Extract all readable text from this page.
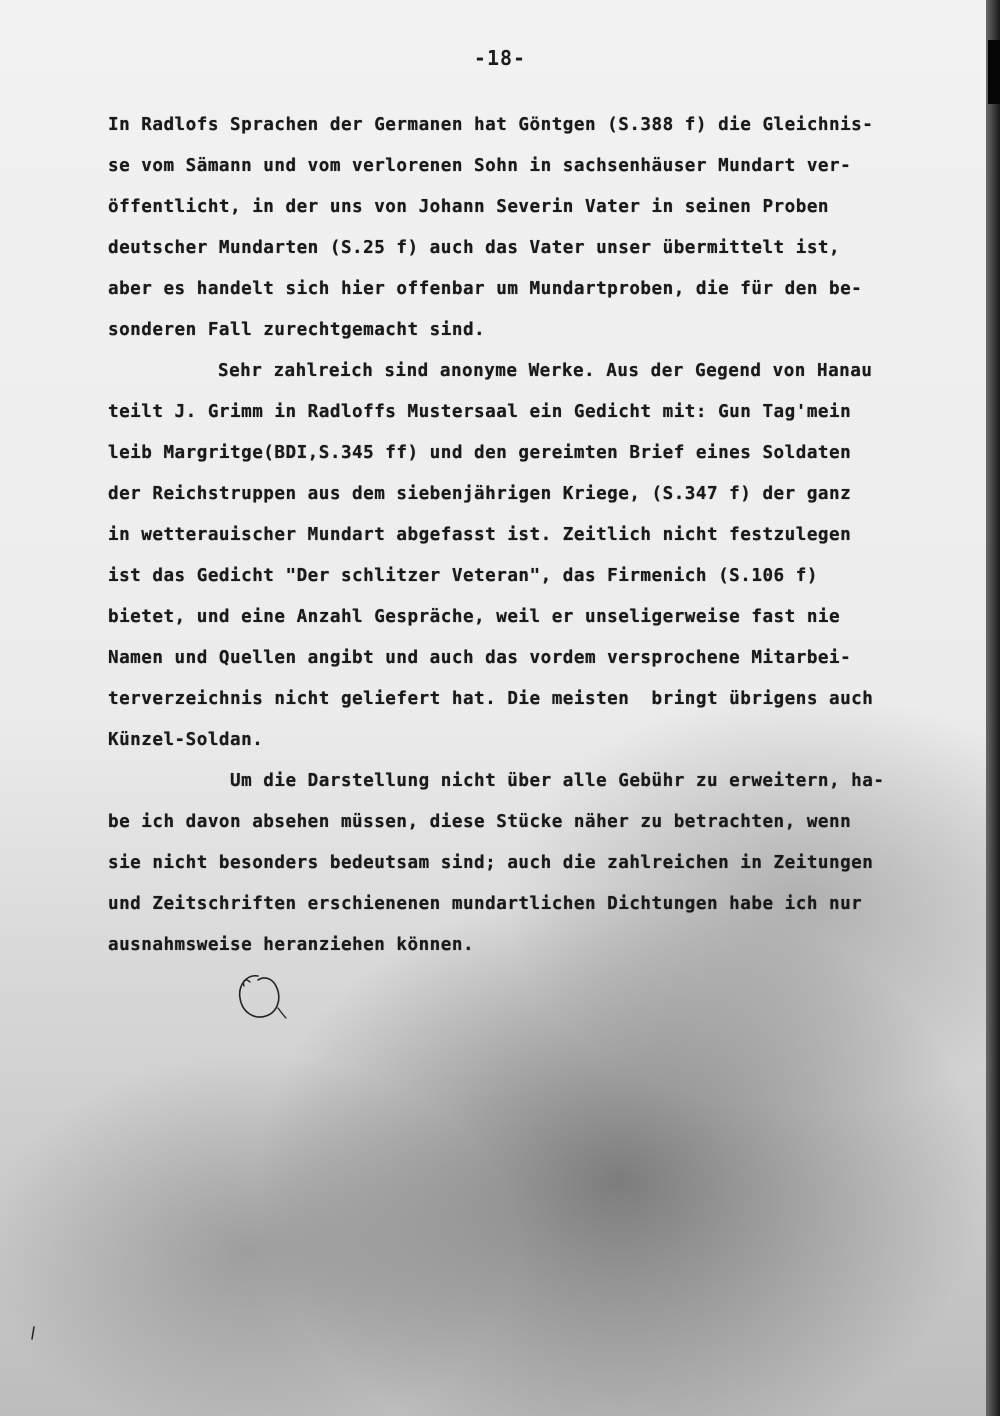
-18-
In Radlofs Sprachen der Germanen hat Göntgen (S.388 f) die Gleichnis-
se vom Sämann und vom verlorenen Sohn in sachsenhäuser Mundart ver-
öffentlicht, in der uns von Johann Severin Vater in seinen Proben
deutscher Mundarten (S.25 f) auch das Vater unser übermittelt ist,
aber es handelt sich hier offenbar um Mundartproben, die für den be-
sonderen Fall zurechtgemacht sind.
Sehr zahlreich sind anonyme Werke. Aus der Gegend von Hanau
teilt J. Grimm in Radloffs Mustersaal ein Gedicht mit: Gun Tag'mein
leib Margritge(BDI,S.345 ff) und den gereimten Brief eines Soldaten
der Reichstruppen aus dem siebenjährigen Kriege, (S.347 f) der ganz
in wetterauischer Mundart abgefasst ist. Zeitlich nicht festzulegen
ist das Gedicht "Der schlitzer Veteran", das Firmenich (S.106 f)
bietet, und eine Anzahl Gespräche, weil er unseligerweise fast nie
Namen und Quellen angibt und auch das vordem versprochene Mitarbei-
terverzeichnis nicht geliefert hat. Die meisten  bringt übrigens auch
Künzel-Soldan.
Um die Darstellung nicht über alle Gebühr zu erweitern, ha-
be ich davon absehen müssen, diese Stücke näher zu betrachten, wenn
sie nicht besonders bedeutsam sind; auch die zahlreichen in Zeitungen
und Zeitschriften erschienenen mundartlichen Dichtungen habe ich nur
ausnahmsweise heranziehen können.
